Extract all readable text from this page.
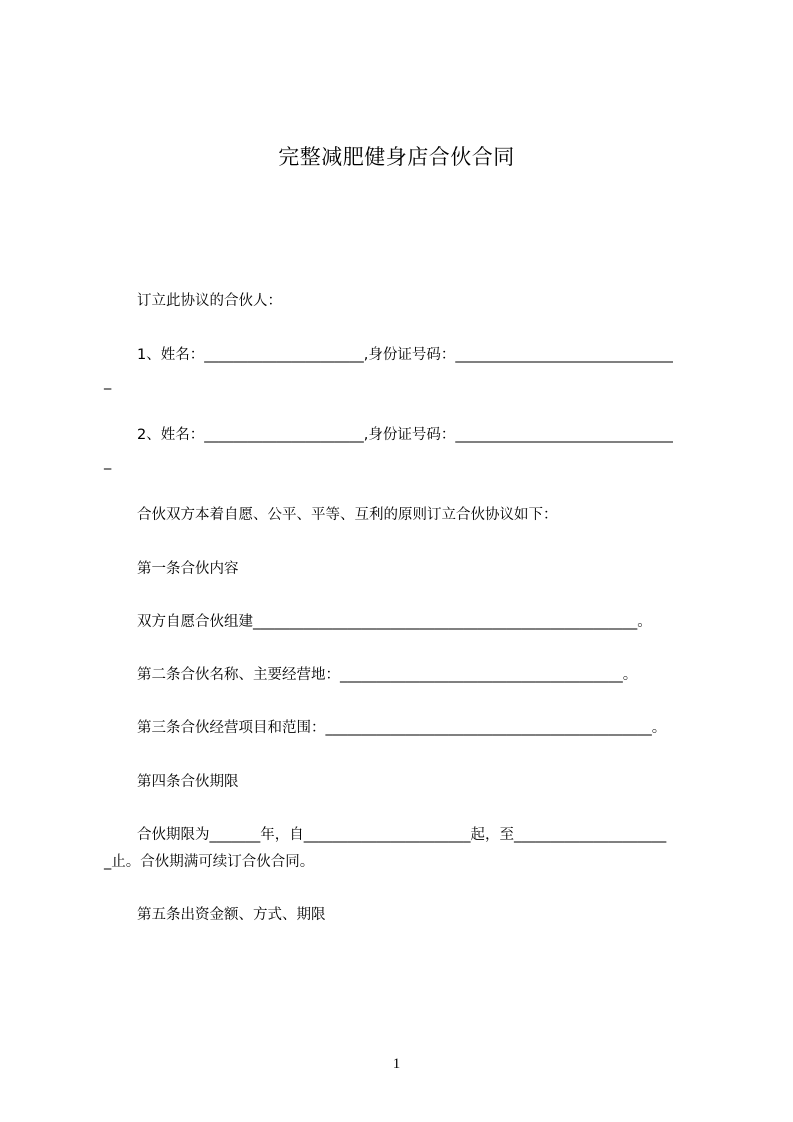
完整减肥健身店合伙合同
订立此协议的合伙人：
1、姓名：______________________,身份证号码：______________________________
_
2、姓名：______________________,身份证号码：______________________________
_
合伙双方本着自愿、公平、平等、互利的原则订立合伙协议如下：
第一条合伙内容
双方自愿合伙组建_____________________________________________________。
第二条合伙名称、主要经营地：_______________________________________。
第三条合伙经营项目和范围：_____________________________________________。
第四条合伙期限
合伙期限为_______年，自_______________________起，至_____________________
_止。合伙期满可续订合伙合同。
第五条出资金额、方式、期限
1
